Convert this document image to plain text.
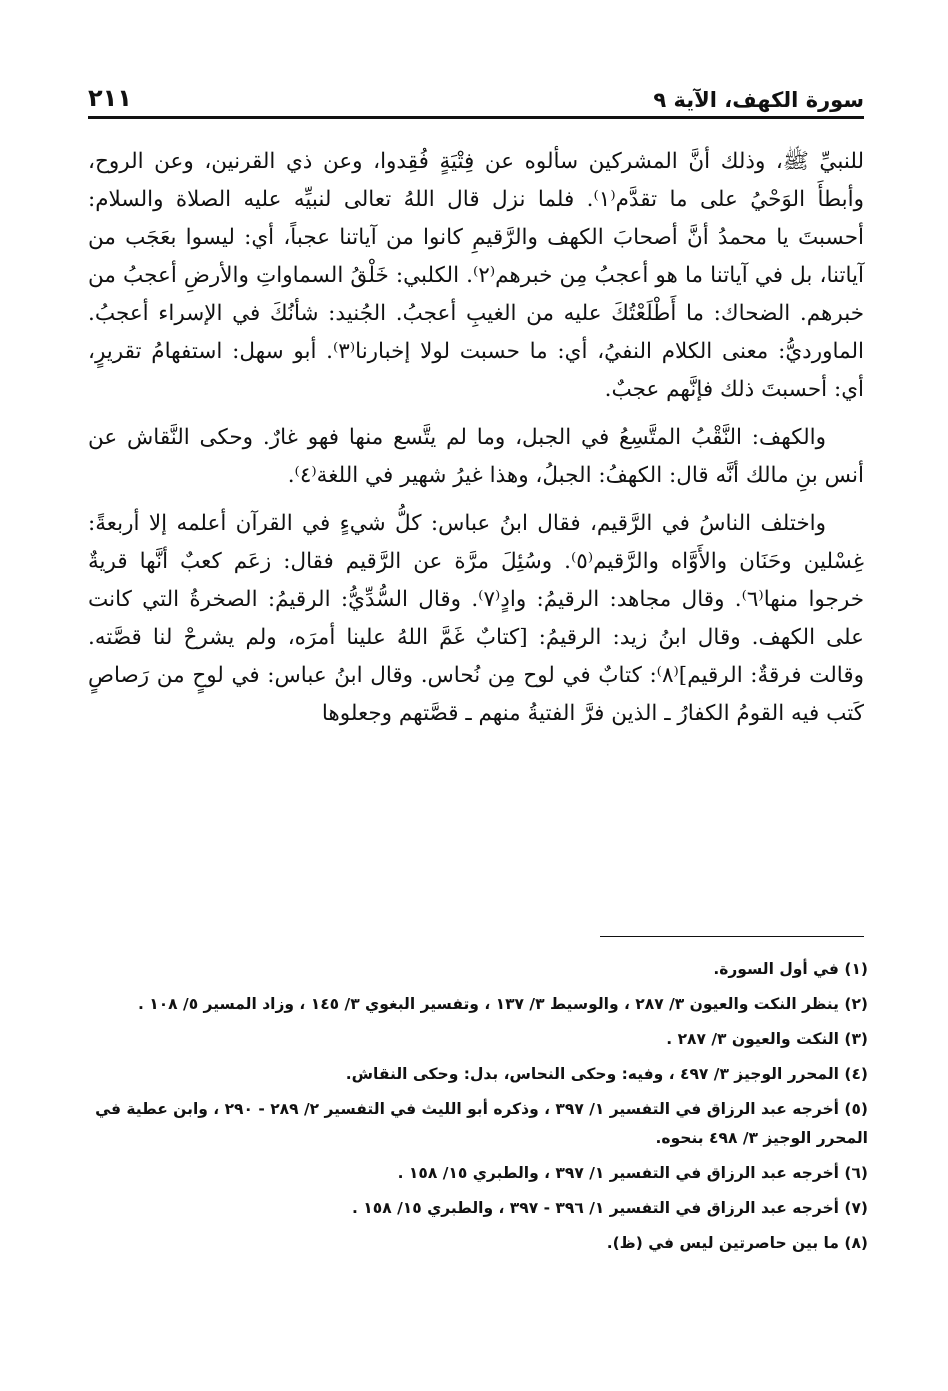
سورة الكهف، الآية ٩
٢١١

للنبيِّ ﷺ، وذلك أنَّ المشركين سألوه عن فِتْيَةٍ فُقِدوا، وعن ذي القرنين، وعن الروح، وأبطأَ الوَحْيُ على ما تقدَّم⁽١⁾. فلما نزل قال اللهُ تعالى لنبيِّه عليه الصلاة والسلام: أحسبتَ يا محمدُ أنَّ أصحابَ الكهف والرَّقيمِ كانوا من آياتنا عجباً، أي: ليسوا بعَجَب من آياتنا، بل في آياتنا ما هو أعجبُ مِن خبرهم⁽٢⁾. الكلبي: خَلْقُ السماواتِ والأرضِ أعجبُ من خبرهم. الضحاك: ما أَطْلَعْتُكَ عليه من الغيبِ أعجبُ. الجُنيد: شأنُكَ في الإسراء أعجبُ. الماورديُّ: معنى الكلام النفيُ، أي: ما حسبت لولا إخبارنا⁽٣⁾. أبو سهل: استفهامُ تقريرٍ، أي: أحسبتَ ذلك فإنَّهم عجبٌ.

والكهف: النَّقْبُ المتَّسِعُ في الجبل، وما لم يتَّسع منها فهو غارٌ. وحكى النَّقاش عن أنس بنِ مالك أنَّه قال: الكهفُ: الجبلُ، وهذا غيرُ شهير في اللغة⁽٤⁾.

واختلف الناسُ في الرَّقيم، فقال ابنُ عباس: كلُّ شيءٍ في القرآن أعلمه إلا أربعةً: غِسْلين وحَنَان والأَوَّاه والرَّقيم⁽٥⁾. وسُئِلَ مرَّة عن الرَّقيم فقال: زعَم كعبٌ أنَّها قريةٌ خرجوا منها⁽٦⁾. وقال مجاهد: الرقيمُ: وادٍ⁽٧⁾. وقال السُّدِّيُّ: الرقيمُ: الصخرةُ التي كانت على الكهف. وقال ابنُ زيد: الرقيمُ: [كتابٌ غَمَّ اللهُ علينا أمرَه، ولم يشرحْ لنا قصَّته. وقالت فرقةٌ: الرقيم]⁽٨⁾: كتابٌ في لوح مِن نُحاس. وقال ابنُ عباس: في لوحٍ من رَصاصٍ كَتب فيه القومُ الكفارُ ـ الذين فرَّ الفتيةُ منهم ـ قصَّتهم وجعلوها

(١) في أول السورة.

(٢) ينظر النكت والعيون ٣/ ٢٨٧ ، والوسيط ٣/ ١٣٧ ، وتفسير البغوي ٣/ ١٤٥ ، وزاد المسير ٥/ ١٠٨ .

(٣) النكت والعيون ٣/ ٢٨٧ .

(٤) المحرر الوجيز ٣/ ٤٩٧ ، وفيه: وحكى النحاس، بدل: وحكى النقاش.

(٥) أخرجه عبد الرزاق في التفسير ١/ ٣٩٧ ، وذكره أبو الليث في التفسير ٢/ ٢٨٩ - ٢٩٠ ، وابن عطية في المحرر الوجيز ٣/ ٤٩٨ بنحوه.

(٦) أخرجه عبد الرزاق في التفسير ١/ ٣٩٧ ، والطبري ١٥/ ١٥٨ .

(٧) أخرجه عبد الرزاق في التفسير ١/ ٣٩٦ - ٣٩٧ ، والطبري ١٥/ ١٥٨ .

(٨) ما بين حاصرتين ليس في (ظ).
